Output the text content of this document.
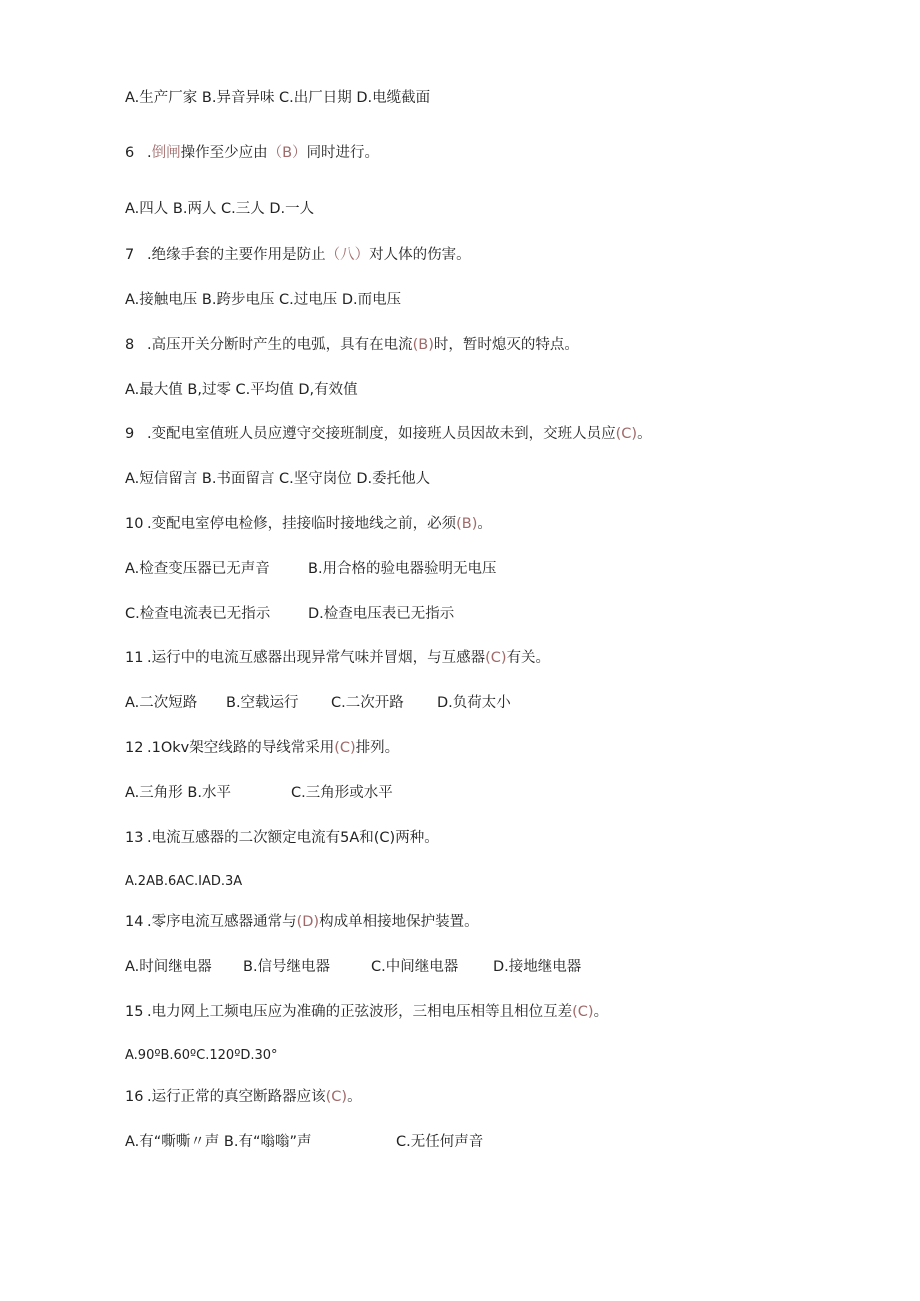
A.生产厂家 B.异音异味 C.出厂日期 D.电缆截面
6 .倒闸操作至少应由（B）同时进行。
A.四人 B.两人 C.三人 D.一人
7 .绝缘手套的主要作用是防止（八）对人体的伤害。
A.接触电压 B.跨步电压 C.过电压 D.而电压
8 .高压开关分断时产生的电弧，具有在电流(B)时，暂时熄灭的特点。
A.最大值 B,过零 C.平均值 D,有效值
9 .变配电室值班人员应遵守交接班制度，如接班人员因故未到，交班人员应(C)。
A.短信留言 B.书面留言 C.坚守岗位 D.委托他人
10 .变配电室停电检修，挂接临时接地线之前，必须(B)。
A.检查变压器已无声音	B.用合格的验电器验明无电压
C.检查电流表已无指示	D.检查电压表已无指示
11 .运行中的电流互感器出现异常气味并冒烟，与互感器(C)有关。
A.二次短路 B.空载运行 C.二次开路 D.负荷太小
12 .1Okv架空线路的导线常采用(C)排列。
A.三角形 B.水平	C.三角形或水平
13 .电流互感器的二次额定电流有5A和(C)两种。
A.2AB.6AC.IAD.3A
14 .零序电流互感器通常与(D)构成单相接地保护装置。
A.时间继电器 B.信号继电器	C.中间继电器 D.接地继电器
15 .电力网上工频电压应为准确的正弦波形，三相电压相等且相位互差(C)。
A.90ºB.60ºC.120ºD.30°
16 .运行正常的真空断路器应该(C)。
A.有“嘶嘶〃声 B.有“嗡嗡”声	C.无任何声音
